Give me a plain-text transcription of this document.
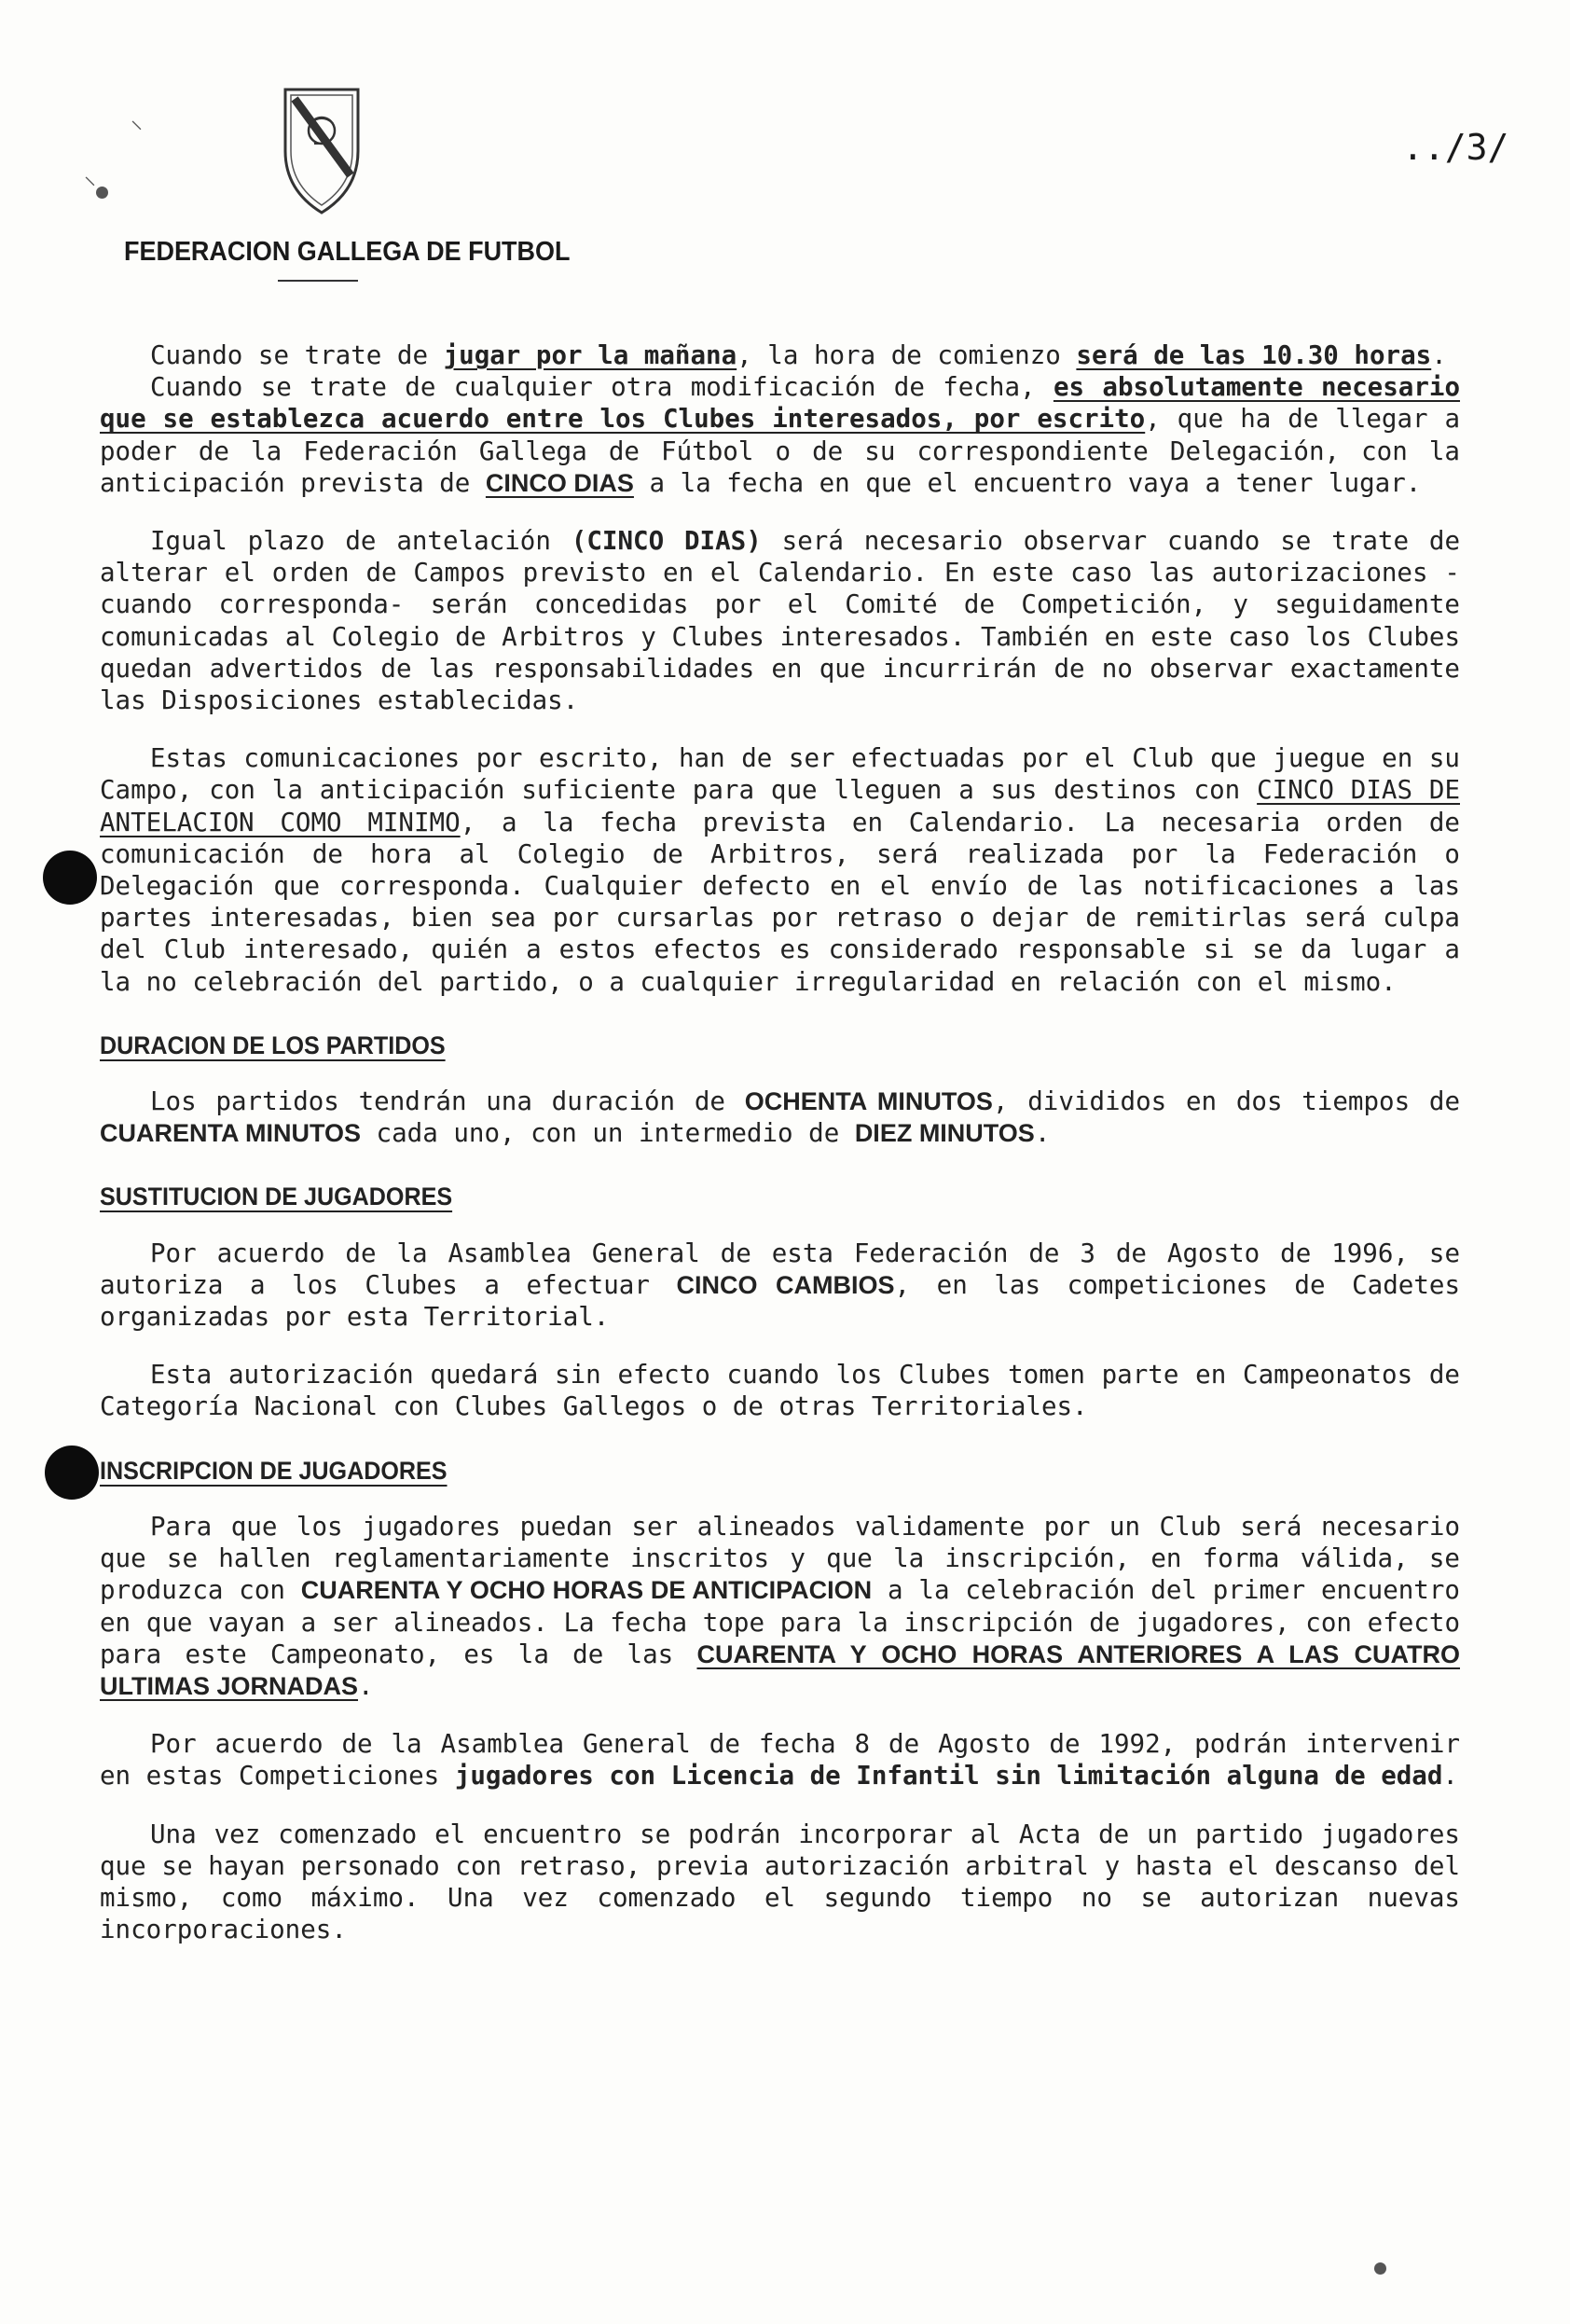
⸌
⸌
FEDERACION GALLEGA DE FUTBOL
../3/

Cuando se trate de jugar por la mañana, la hora de comienzo será de las 10.30 horas.

Cuando se trate de cualquier otra modificación de fecha, es absolutamente necesario que se establezca acuerdo entre los Clubes interesados, por escrito, que ha de llegar a poder de la Federación Gallega de Fútbol o de su correspondiente Delegación, con la anticipación prevista de CINCO DIAS a la fecha en que el encuentro vaya a tener lugar.

Igual plazo de antelación (CINCO DIAS) será necesario observar cuando se trate de alterar el orden de Campos previsto en el Calendario. En este caso las autorizaciones -cuando corresponda- serán concedidas por el Comité de Competición, y seguidamente comunicadas al Colegio de Arbitros y Clubes interesados. También en este caso los Clubes quedan advertidos de las responsabilidades en que incurrirán de no observar exactamente las Disposiciones establecidas.

Estas comunicaciones por escrito, han de ser efectuadas por el Club que juegue en su Campo, con la anticipación suficiente para que lleguen a sus destinos con CINCO DIAS DE ANTELACION COMO MINIMO, a la fecha prevista en Calendario. La necesaria orden de comunicación de hora al Colegio de Arbitros, será realizada por la Federación o Delegación que corresponda. Cualquier defecto en el envío de las notificaciones a las partes interesadas, bien sea por cursarlas por retraso o dejar de remitirlas será culpa del Club interesado, quién a estos efectos es considerado responsable si se da lugar a la no celebración del partido, o a cualquier irregularidad en relación con el mismo.

DURACION DE LOS PARTIDOS

Los partidos tendrán una duración de OCHENTA MINUTOS, divididos en dos tiempos de CUARENTA MINUTOS cada uno, con un intermedio de DIEZ MINUTOS.

SUSTITUCION DE JUGADORES

Por acuerdo de la Asamblea General de esta Federación de 3 de Agosto de 1996, se autoriza a los Clubes a efectuar CINCO CAMBIOS, en las competiciones de Cadetes organizadas por esta Territorial.

Esta autorización quedará sin efecto cuando los Clubes tomen parte en Campeonatos de Categoría Nacional con Clubes Gallegos o de otras Territoriales.

INSCRIPCION DE JUGADORES

Para que los jugadores puedan ser alineados validamente por un Club será necesario que se hallen reglamentariamente inscritos y que la inscripción, en forma válida, se produzca con CUARENTA Y OCHO HORAS DE ANTICIPACION a la celebración del primer encuentro en que vayan a ser alineados. La fecha tope para la inscripción de jugadores, con efecto para este Campeonato, es la de las CUARENTA Y OCHO HORAS ANTERIORES A LAS CUATRO ULTIMAS JORNADAS.

Por acuerdo de la Asamblea General de fecha 8 de Agosto de 1992, podrán intervenir en estas Competiciones jugadores con Licencia de Infantil sin limitación alguna de edad.

Una vez comenzado el encuentro se podrán incorporar al Acta de un partido jugadores que se hayan personado con retraso, previa autorización arbitral y hasta el descanso del mismo, como máximo. Una vez comenzado el segundo tiempo no se autorizan nuevas incorporaciones.
